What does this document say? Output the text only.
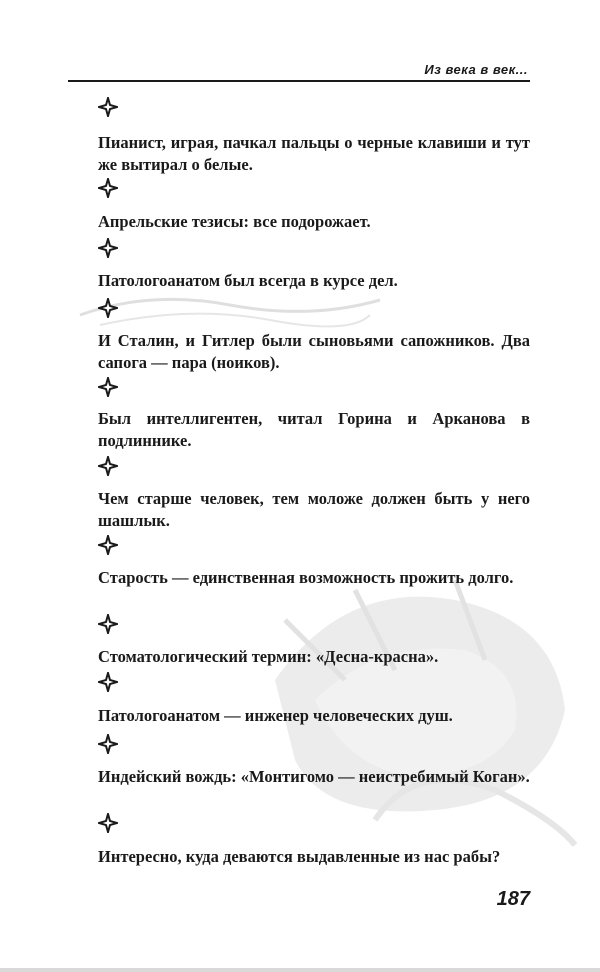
Из века в век...

Пианист, играя, пачкал пальцы о черные клавиши и тут же вытирал о белые.

Апрельские тезисы: все подорожает.

Патологоанатом был всегда в курсе дел.

И Сталин, и Гитлер были сыновьями сапожников. Два сапога — пара (ноиков).

Был интеллигентен, читал Горина и Арканова в подлиннике.

Чем старше человек, тем моложе должен быть у него шашлык.

Старость — единственная возможность прожить долго.

Стоматологический термин: «Десна-красна».

Патологоанатом — инженер человеческих душ.

Индейский вождь: «Монтигомо — неистребимый Коган».

Интересно, куда деваются выдавленные из нас рабы?

187
